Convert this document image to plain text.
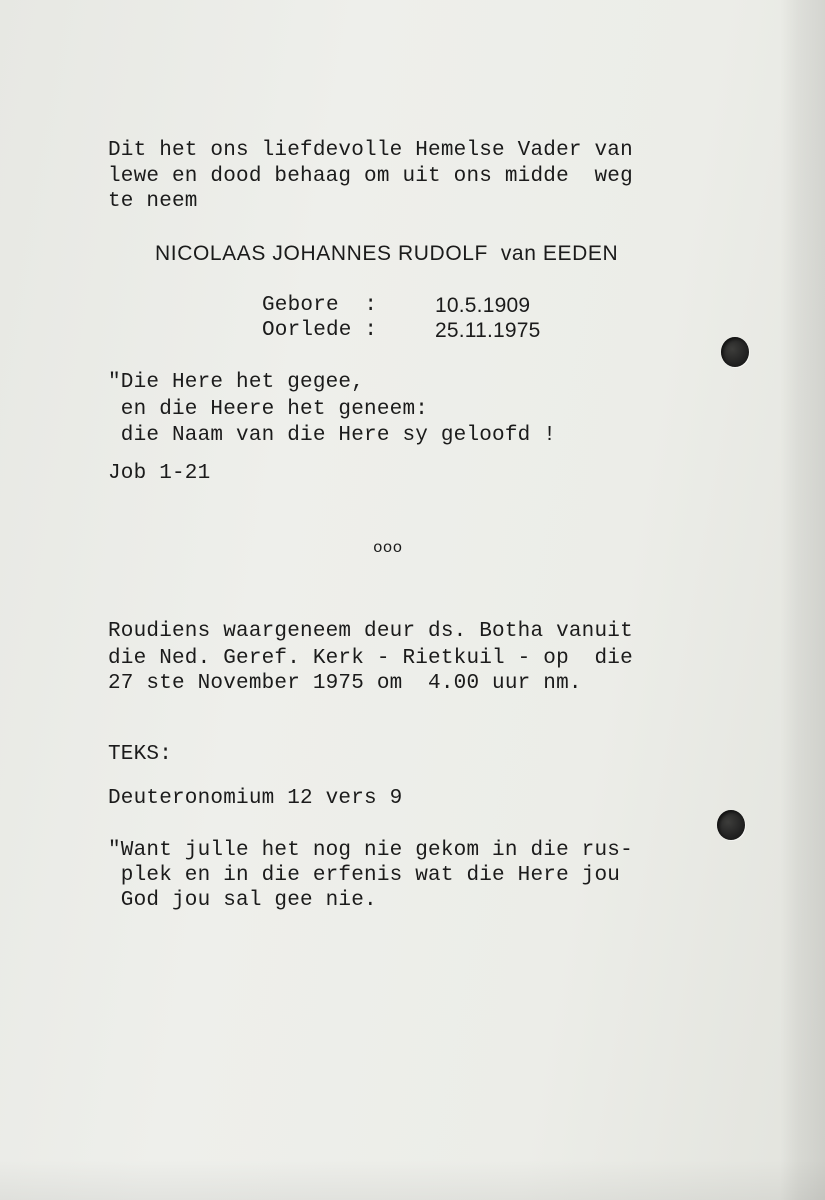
Dit het ons liefdevolle Hemelse Vader van

lewe en dood behaag om uit ons midde  weg

te neem

NICOLAAS JOHANNES RUDOLF  van EEDEN

Gebore  :	10.5.1909

Oorlede :	25.11.1975

"Die Here het gegee,

en die Heere het geneem:

die Naam van die Here sy geloofd !

Job 1-21

ooo

Roudiens waargeneem deur ds. Botha vanuit

die Ned. Geref. Kerk - Rietkuil - op  die

27 ste November 1975 om  4.00 uur nm.

TEKS:

Deuteronomium 12 vers 9

"Want julle het nog nie gekom in die rus-

plek en in die erfenis wat die Here jou

God jou sal gee nie.
